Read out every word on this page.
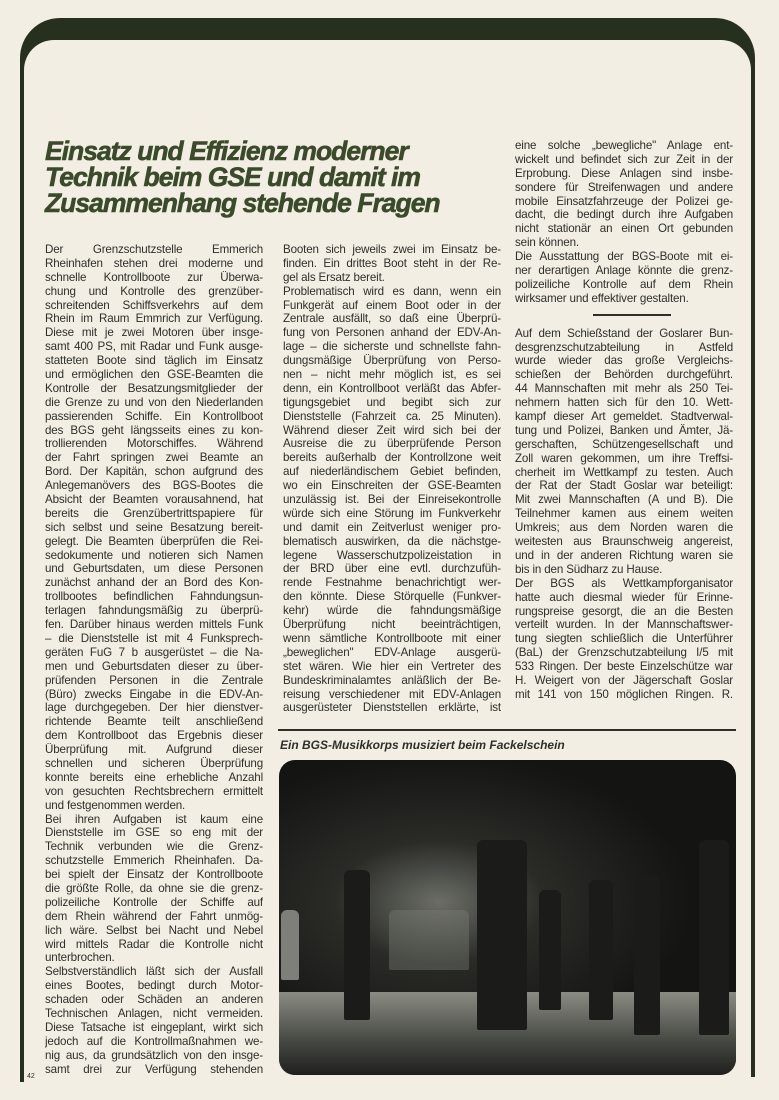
Einsatz und Effizienz moderner
Technik beim GSE und damit im
Zusammenhang stehende Fragen
Der Grenzschutzstelle Emmerich
Rheinhafen stehen drei moderne und
schnelle Kontrollboote zur Überwa-
chung und Kontrolle des grenzüber-
schreitenden Schiffsverkehrs auf dem
Rhein im Raum Emmrich zur Verfügung.
Diese mit je zwei Motoren über insge-
samt 400 PS, mit Radar und Funk ausge-
statteten Boote sind täglich im Einsatz
und ermöglichen den GSE-Beamten die
Kontrolle der Besatzungsmitglieder der
die Grenze zu und von den Niederlanden
passierenden Schiffe. Ein Kontrollboot
des BGS geht längsseits eines zu kon-
trollierenden Motorschiffes. Während
der Fahrt springen zwei Beamte an
Bord. Der Kapitän, schon aufgrund des
Anlegemanövers des BGS-Bootes die
Absicht der Beamten vorausahnend, hat
bereits die Grenzübertrittspapiere für
sich selbst und seine Besatzung bereit-
gelegt. Die Beamten überprüfen die Rei-
sedokumente und notieren sich Namen
und Geburtsdaten, um diese Personen
zunächst anhand der an Bord des Kon-
trollbootes befindlichen Fahndungsun-
terlagen fahndungsmäßig zu überprü-
fen. Darüber hinaus werden mittels Funk
– die Dienststelle ist mit 4 Funksprech-
geräten FuG 7 b ausgerüstet – die Na-
men und Geburtsdaten dieser zu über-
prüfenden Personen in die Zentrale
(Büro) zwecks Eingabe in die EDV-An-
lage durchgegeben. Der hier dienstver-
richtende Beamte teilt anschließend
dem Kontrollboot das Ergebnis dieser
Überprüfung mit. Aufgrund dieser
schnellen und sicheren Überprüfung
konnte bereits eine erhebliche Anzahl
von gesuchten Rechtsbrechern ermittelt
und festgenommen werden.
Bei ihren Aufgaben ist kaum eine
Dienststelle im GSE so eng mit der
Technik verbunden wie die Grenz-
schutzstelle Emmerich Rheinhafen. Da-
bei spielt der Einsatz der Kontrollboote
die größte Rolle, da ohne sie die grenz-
polizeiliche Kontrolle der Schiffe auf
dem Rhein während der Fahrt unmög-
lich wäre. Selbst bei Nacht und Nebel
wird mittels Radar die Kontrolle nicht
unterbrochen.
Selbstverständlich läßt sich der Ausfall
eines Bootes, bedingt durch Motor-
schaden oder Schäden an anderen
Technischen Anlagen, nicht vermeiden.
Diese Tatsache ist eingeplant, wirkt sich
jedoch auf die Kontrollmaßnahmen we-
nig aus, da grundsätzlich von den insge-
samt drei zur Verfügung stehenden
Booten sich jeweils zwei im Einsatz be-
finden. Ein drittes Boot steht in der Re-
gel als Ersatz bereit.
Problematisch wird es dann, wenn ein
Funkgerät auf einem Boot oder in der
Zentrale ausfällt, so daß eine Überprü-
fung von Personen anhand der EDV-An-
lage – die sicherste und schnellste fahn-
dungsmäßige Überprüfung von Perso-
nen – nicht mehr möglich ist, es sei
denn, ein Kontrollboot verläßt das Abfer-
tigungsgebiet und begibt sich zur
Dienststelle (Fahrzeit ca. 25 Minuten).
Während dieser Zeit wird sich bei der
Ausreise die zu überprüfende Person
bereits außerhalb der Kontrollzone weit
auf niederländischem Gebiet befinden,
wo ein Einschreiten der GSE-Beamten
unzulässig ist. Bei der Einreisekontrolle
würde sich eine Störung im Funkverkehr
und damit ein Zeitverlust weniger pro-
blematisch auswirken, da die nächstge-
legene Wasserschutzpolizeistation in
der BRD über eine evtl. durchzufüh-
rende Festnahme benachrichtigt wer-
den könnte. Diese Störquelle (Funkver-
kehr) würde die fahndungsmäßige
Überprüfung nicht beeinträchtigen,
wenn sämtliche Kontrollboote mit einer
„beweglichen" EDV-Anlage ausgerü-
stet wären. Wie hier ein Vertreter des
Bundeskriminalamtes anläßlich der Be-
reisung verschiedener mit EDV-Anlagen
ausgerüsteter Dienststellen erklärte, ist
eine solche „bewegliche" Anlage ent-
wickelt und befindet sich zur Zeit in der
Erprobung. Diese Anlagen sind insbe-
sondere für Streifenwagen und andere
mobile Einsatzfahrzeuge der Polizei ge-
dacht, die bedingt durch ihre Aufgaben
nicht stationär an einen Ort gebunden
sein können.
Die Ausstattung der BGS-Boote mit ei-
ner derartigen Anlage könnte die grenz-
polizeiliche Kontrolle auf dem Rhein
wirksamer und effektiver gestalten.
Auf dem Schießstand der Goslarer Bun-
desgrenzschutzabteilung in Astfeld
wurde wieder das große Vergleichs-
schießen der Behörden durchgeführt.
44 Mannschaften mit mehr als 250 Tei-
nehmern hatten sich für den 10. Wett-
kampf dieser Art gemeldet. Stadtverwal-
tung und Polizei, Banken und Ämter, Jä-
gerschaften, Schützengesellschaft und
Zoll waren gekommen, um ihre Treffsi-
cherheit im Wettkampf zu testen. Auch
der Rat der Stadt Goslar war beteiligt:
Mit zwei Mannschaften (A und B). Die
Teilnehmer kamen aus einem weiten
Umkreis; aus dem Norden waren die
weitesten aus Braunschweig angereist,
und in der anderen Richtung waren sie
bis in den Südharz zu Hause.
Der BGS als Wettkampforganisator
hatte auch diesmal wieder für Erinne-
rungspreise gesorgt, die an die Besten
verteilt wurden. In der Mannschaftswer-
tung siegten schließlich die Unterführer
(BaL) der Grenzschutzabteilung I/5 mit
533 Ringen. Der beste Einzelschütze war
H. Weigert von der Jägerschaft Goslar
mit 141 von 150 möglichen Ringen. R.
Ein BGS-Musikkorps musiziert beim Fackelschein
42
